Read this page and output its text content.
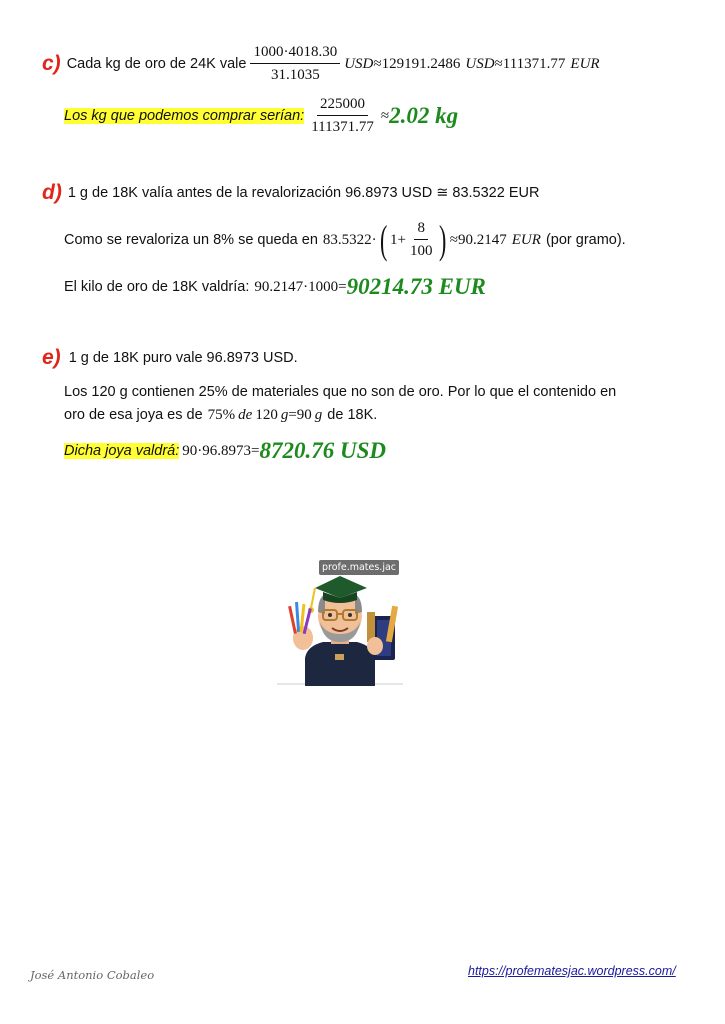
c) Cada kg de oro de 24K vale $\frac{1000\cdot 4018.30}{31.1035}$ USD ≈ 129191.2486 USD ≈ 111371.77 EUR
Los kg que podemos comprar serían: $\frac{225000}{111371.77} \approx 2.02$ kg
d) 1 g de 18K valía antes de la revalorización 96.8973 USD ≅ 83.5322 EUR
Como se revaloriza un 8% se queda en 83.5322· ( $1+ \frac{8}{100}$ ) ≈90.2147 EUR (por gramo).
El kilo de oro de 18K valdría: 90.2147·1000= 90214.73 EUR
e) 1 g de 18K puro vale 96.8973 USD.
Los 120 g contienen 25% de materiales que no son de oro. Por lo que el contenido en
oro de esa joya es de 75 % de 120 g =90 g de 18K.
Dicha joya valdrá: 90·96.8973= 8720.76 USD
profe.mates.jac
José Antonio Cobaleo	https://profematesjac.wordpress.com/
